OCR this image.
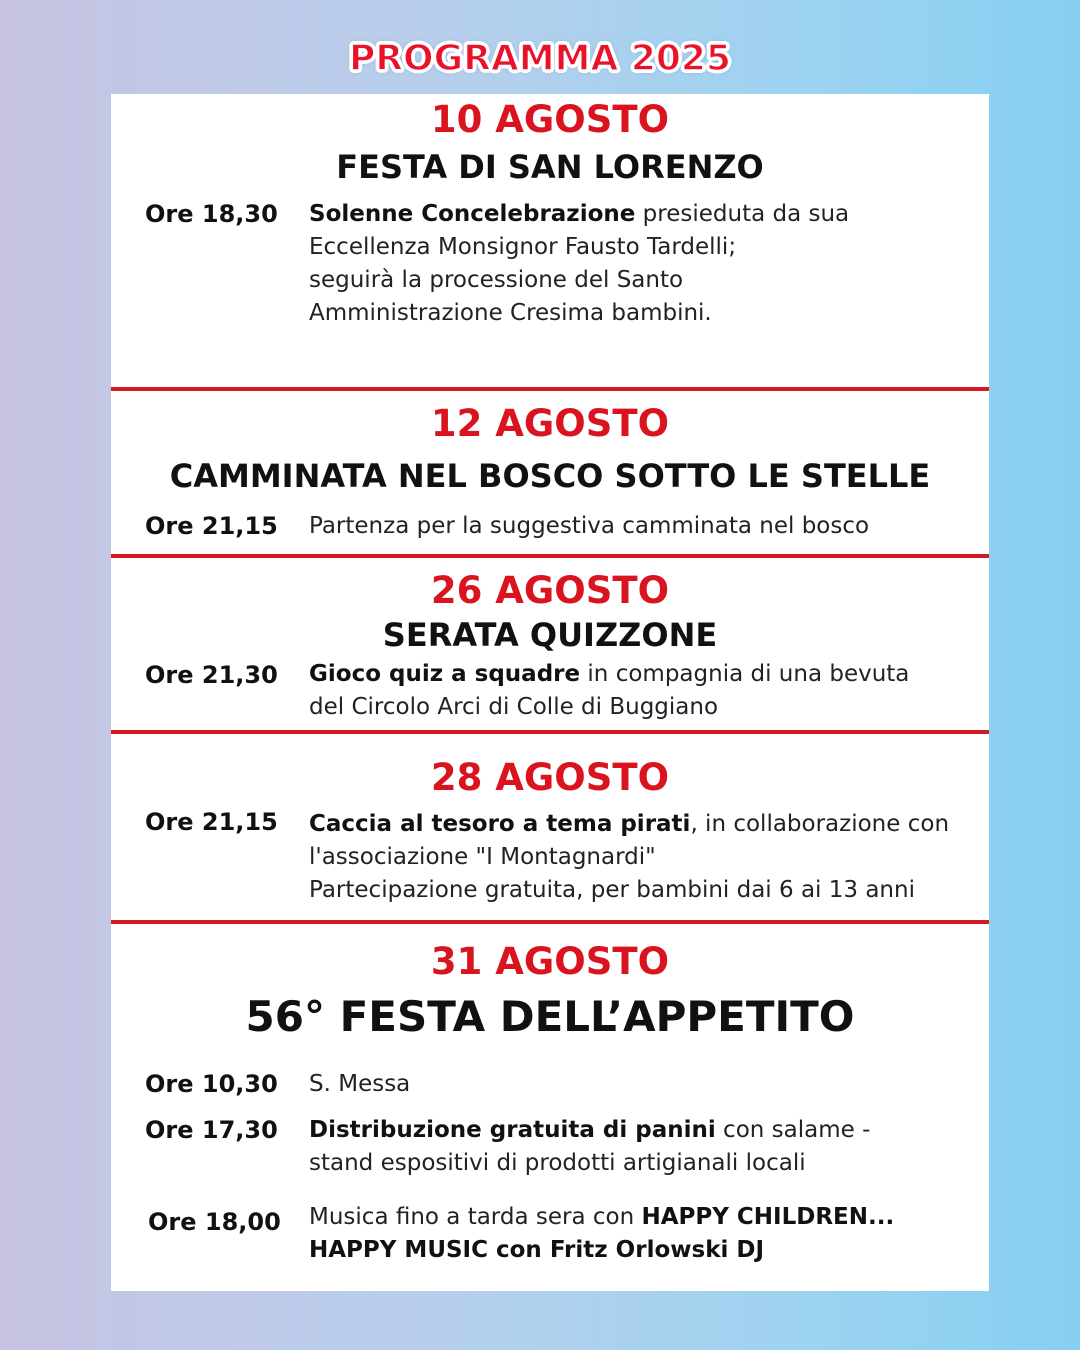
PROGRAMMA 2025
10 AGOSTO
FESTA DI SAN LORENZO
Ore 18,30 Solenne Concelebrazione presieduta da sua
Eccellenza Monsignor Fausto Tardelli;
seguirà la processione del Santo
Amministrazione Cresima bambini.
12 AGOSTO
CAMMINATA NEL BOSCO SOTTO LE STELLE
Ore 21,15 Partenza per la suggestiva camminata nel bosco
26 AGOSTO
SERATA QUIZZONE
Ore 21,30 Gioco quiz a squadre in compagnia di una bevuta
del Circolo Arci di Colle di Buggiano
28 AGOSTO
Ore 21,15 Caccia al tesoro a tema pirati, in collaborazione con
l'associazione "I Montagnardi"
Partecipazione gratuita, per bambini dai 6 ai 13 anni
31 AGOSTO
56° FESTA DELL’APPETITO
Ore 10,30 S. Messa
Ore 17,30 Distribuzione gratuita di panini con salame -
stand espositivi di prodotti artigianali locali
Ore 18,00 Musica fino a tarda sera con HAPPY CHILDREN...
HAPPY MUSIC con Fritz Orlowski DJ
